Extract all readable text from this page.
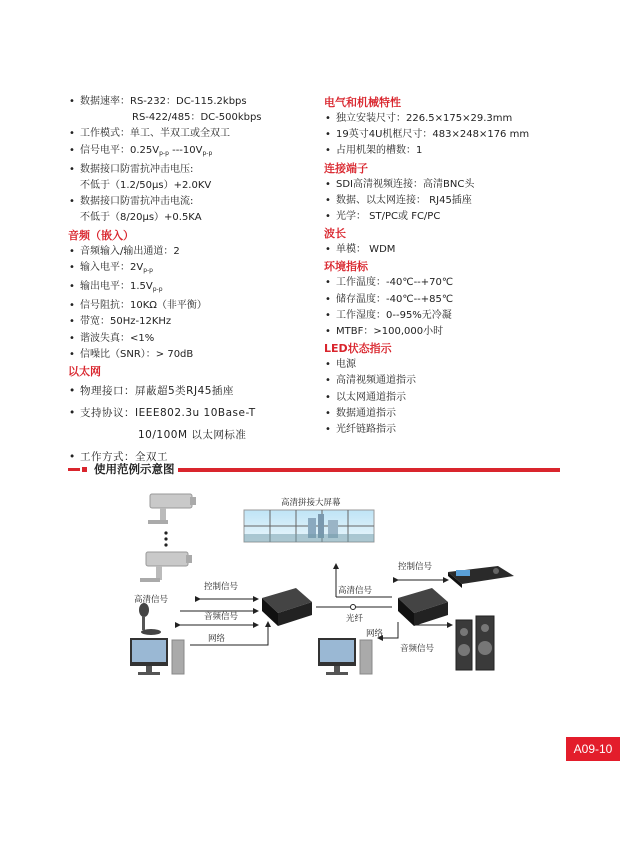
• 数据速率：RS-232：DC-115.2kbps
RS-422/485：DC-500kbps
• 工作模式：单工、半双工或全双工
• 信号电平：$0.25V_{p-p}$ $---10V_{p-p}$
• 数据接口防雷抗冲击电压:
不低于（1.2/50μs）+2.0KV
• 数据接口防雷抗冲击电流:
不低于（8/20μs）+0.5KA
音频（嵌入）
• 音频输入/输出通道：2
• 输入电平：$2V_{p-p}$
• 输出电平：$1.5V_{p-p}$
• 信号阻抗：10KΩ（非平衡）
• 带宽：50Hz-12KHz
• 谐波失真：<1%
• 信噪比（SNR）：> 70dB
以太网
• 物理接口：屏蔽超5类RJ45插座
• 支持协议：IEEE802.3u 10Base-T
10/100M 以太网标准
• 工作方式：全双工
电气和机械特性
• 独立安装尺寸：226.5×175×29.3mm
• 19英寸4U机框尺寸：483×248×176 mm
• 占用机架的槽数：1
连接端子
• SDI高清视频连接：高清BNC头
• 数据、以太网连接： RJ45插座
• 光学： ST/PC或 FC/PC
波长
• 单模： WDM
环境指标
• 工作温度：-40℃--+70℃
• 储存温度：-40℃--+85℃
• 工作湿度：0--95%无冷凝
• MTBF：>100,000小时
LED状态指示
• 电源
• 高清视频通道指示
• 以太网通道指示
• 数据通道指示
• 光纤链路指示
使用范例示意图
高清拼接大屏幕
控制信号
高清信号
音频信号
网络
高清信号
光纤
控制信号
网络
音频信号
A09-10
